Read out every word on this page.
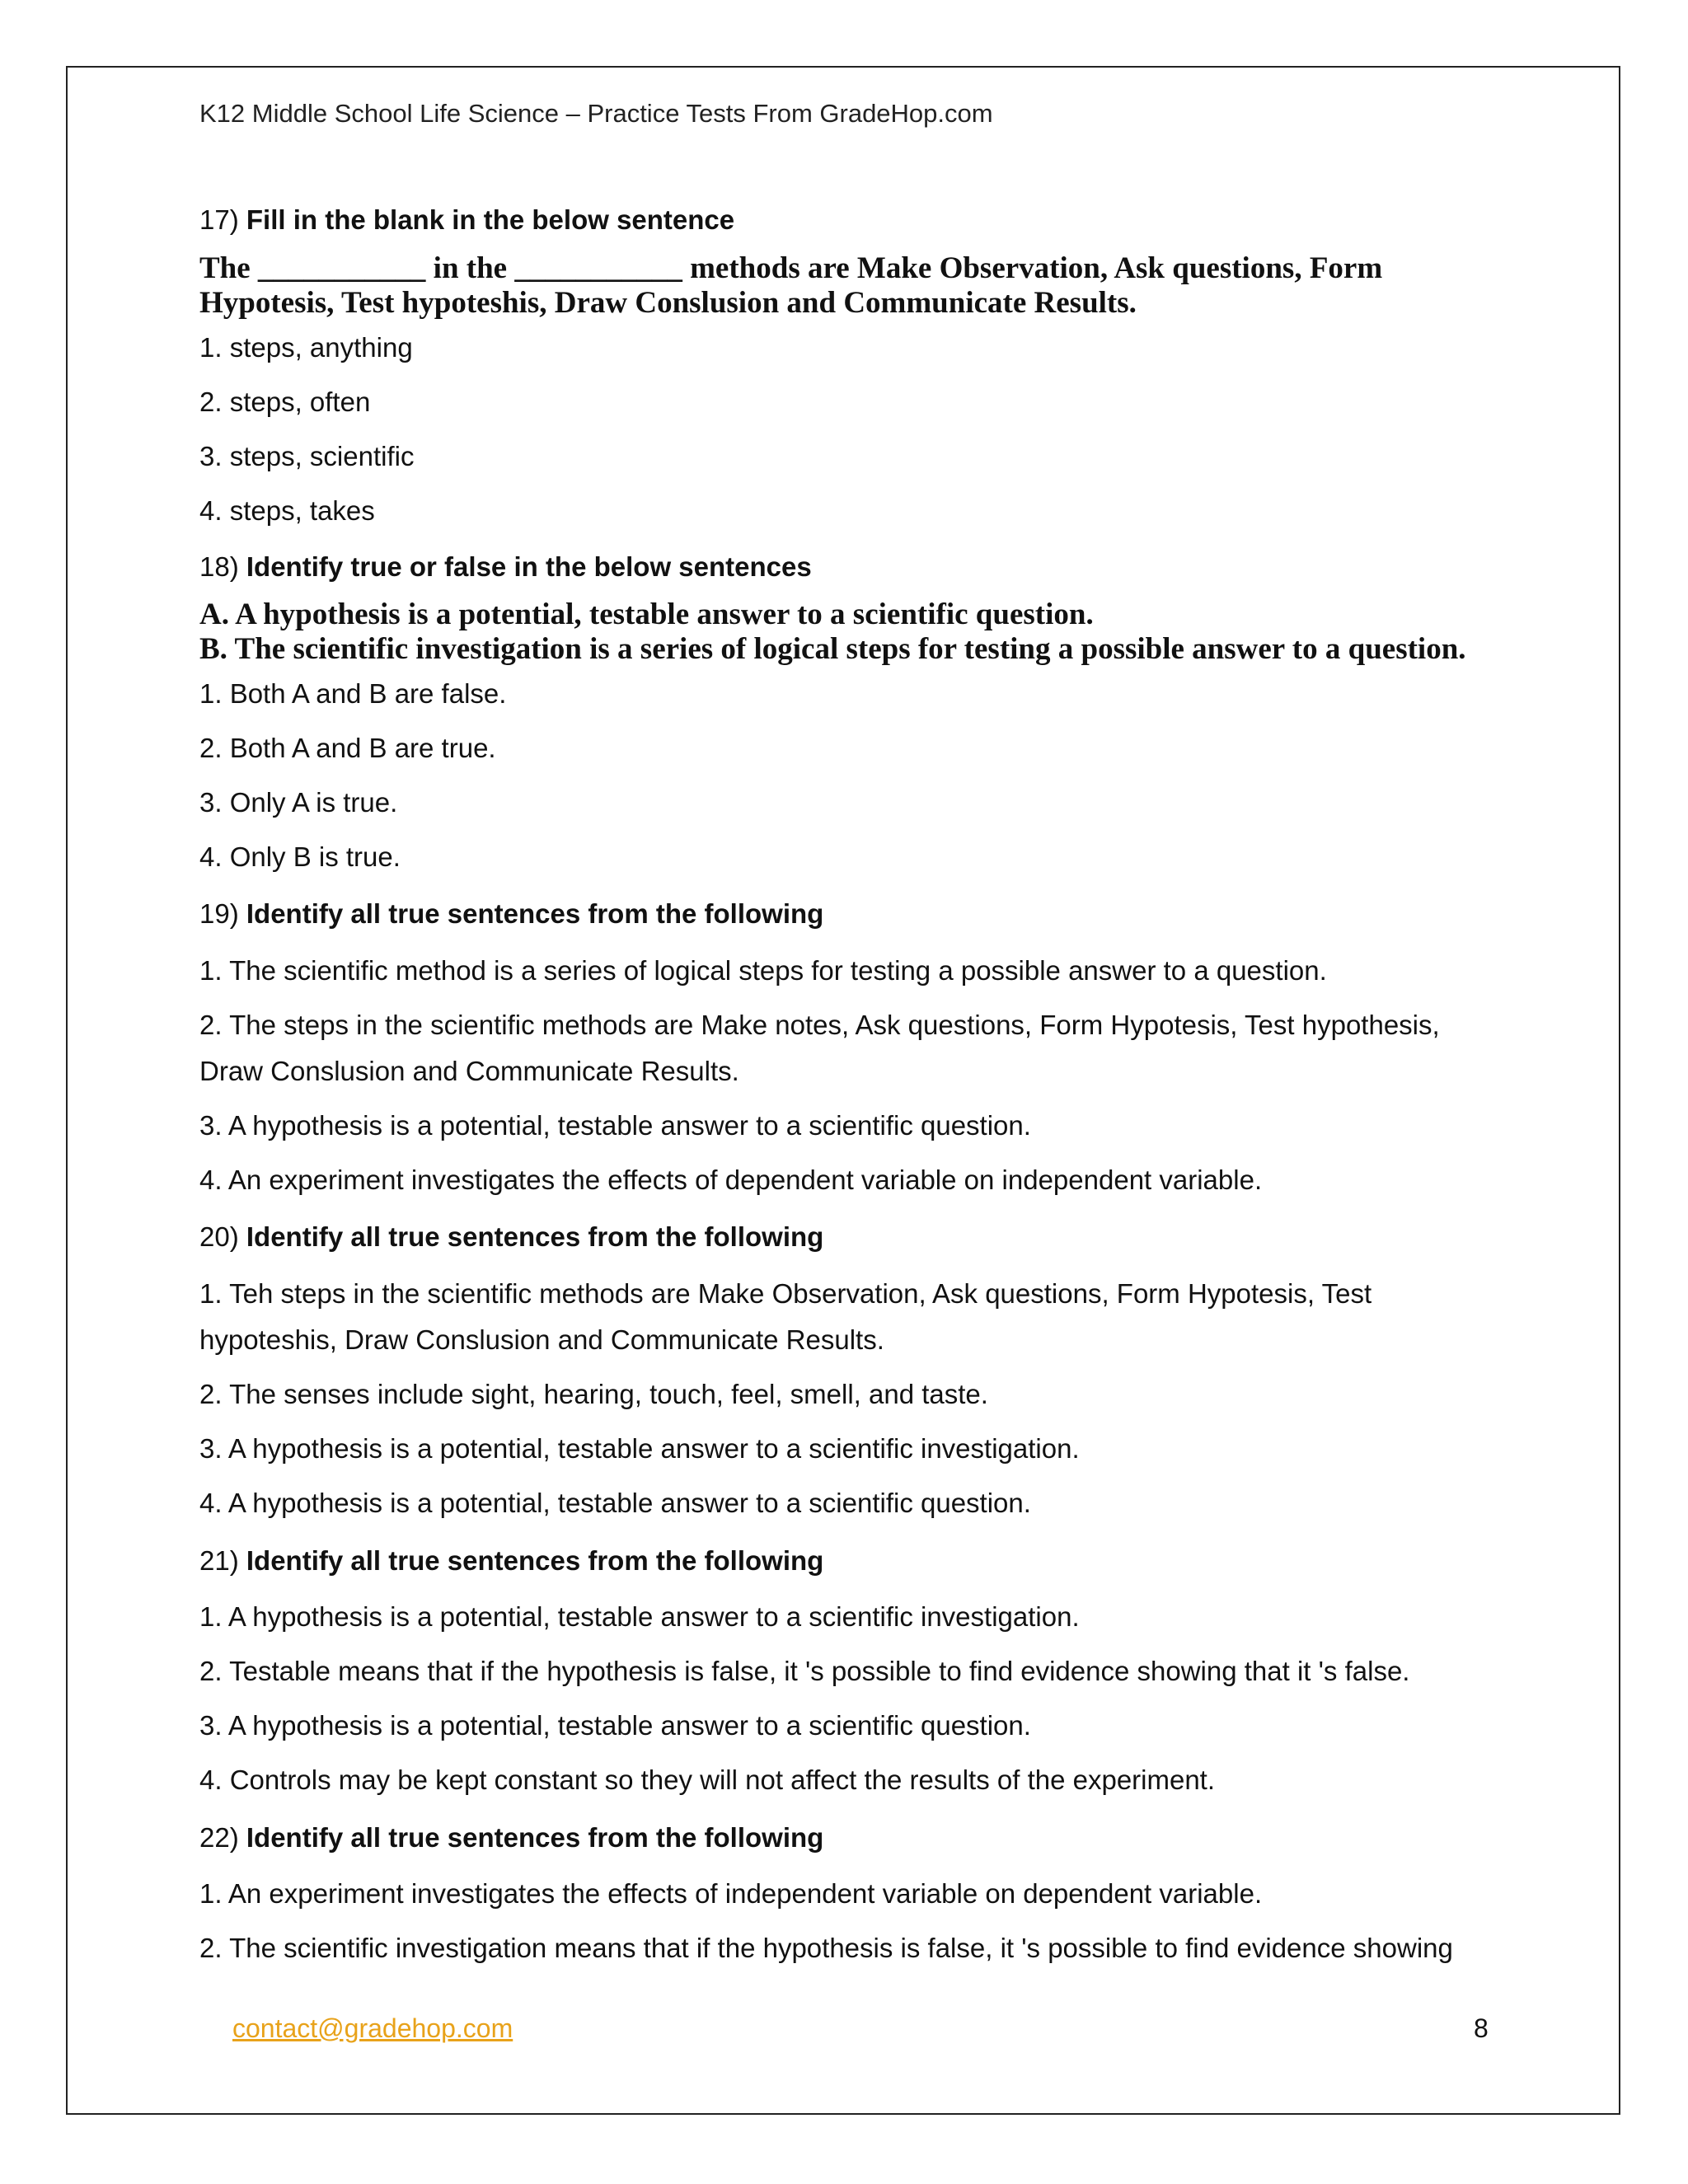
K12 Middle School Life Science – Practice Tests From GradeHop.com
17) Fill in the blank in the below sentence
The ___________ in the ___________ methods are Make Observation, Ask questions, Form Hypotesis, Test hypoteshis, Draw Conslusion and Communicate Results.
1. steps, anything
2. steps, often
3. steps, scientific
4. steps, takes
18) Identify true or false in the below sentences
A. A hypothesis is a potential, testable answer to a scientific question.
B. The scientific investigation is a series of logical steps for testing a possible answer to a question.
1. Both A and B are false.
2. Both A and B are true.
3. Only A is true.
4. Only B is true.
19) Identify all true sentences from the following
1. The scientific method is a series of logical steps for testing a possible answer to a question.
2. The steps in the scientific methods are Make notes, Ask questions, Form Hypotesis, Test hypothesis,
Draw Conslusion and Communicate Results.
3. A hypothesis is a potential, testable answer to a scientific question.
4. An experiment investigates the effects of dependent variable on independent variable.
20) Identify all true sentences from the following
1. Teh steps in the scientific methods are Make Observation, Ask questions, Form Hypotesis, Test
hypoteshis, Draw Conslusion and Communicate Results.
2. The senses include sight, hearing, touch, feel, smell, and taste.
3. A hypothesis is a potential, testable answer to a scientific investigation.
4. A hypothesis is a potential, testable answer to a scientific question.
21) Identify all true sentences from the following
1. A hypothesis is a potential, testable answer to a scientific investigation.
2. Testable means that if the hypothesis is false, it 's possible to find evidence showing that it 's false.
3. A hypothesis is a potential, testable answer to a scientific question.
4. Controls may be kept constant so they will not affect the results of the experiment.
22) Identify all true sentences from the following
1. An experiment investigates the effects of independent variable on dependent variable.
2. The scientific investigation means that if the hypothesis is false, it 's possible to find evidence showing
contact@gradehop.com	8
